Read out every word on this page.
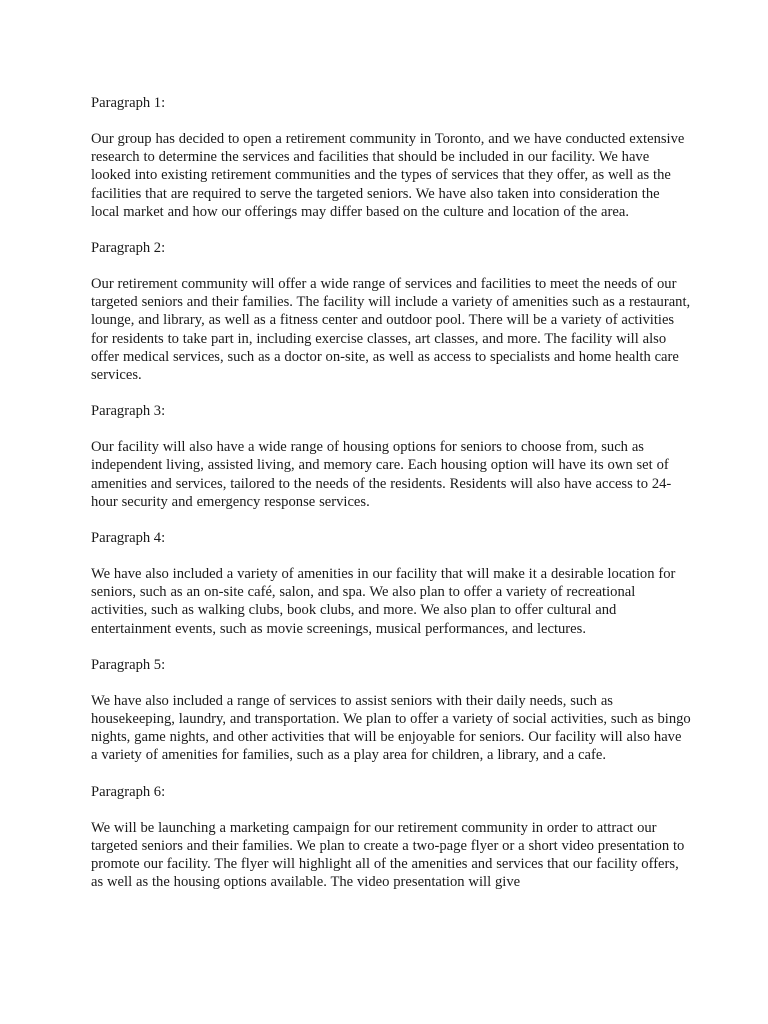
Paragraph 1:

Our group has decided to open a retirement community in Toronto, and we have conducted extensive research to determine the services and facilities that should be included in our facility. We have looked into existing retirement communities and the types of services that they offer, as well as the facilities that are required to serve the targeted seniors. We have also taken into consideration the local market and how our offerings may differ based on the culture and location of the area.

Paragraph 2:

Our retirement community will offer a wide range of services and facilities to meet the needs of our targeted seniors and their families. The facility will include a variety of amenities such as a restaurant, lounge, and library, as well as a fitness center and outdoor pool. There will be a variety of activities for residents to take part in, including exercise classes, art classes, and more. The facility will also offer medical services, such as a doctor on-site, as well as access to specialists and home health care services.

Paragraph 3:

Our facility will also have a wide range of housing options for seniors to choose from, such as independent living, assisted living, and memory care. Each housing option will have its own set of amenities and services, tailored to the needs of the residents. Residents will also have access to 24-hour security and emergency response services.

Paragraph 4:

We have also included a variety of amenities in our facility that will make it a desirable location for seniors, such as an on-site café, salon, and spa. We also plan to offer a variety of recreational activities, such as walking clubs, book clubs, and more. We also plan to offer cultural and entertainment events, such as movie screenings, musical performances, and lectures.

Paragraph 5:

We have also included a range of services to assist seniors with their daily needs, such as housekeeping, laundry, and transportation. We plan to offer a variety of social activities, such as bingo nights, game nights, and other activities that will be enjoyable for seniors. Our facility will also have a variety of amenities for families, such as a play area for children, a library, and a cafe.

Paragraph 6:

We will be launching a marketing campaign for our retirement community in order to attract our targeted seniors and their families. We plan to create a two-page flyer or a short video presentation to promote our facility. The flyer will highlight all of the amenities and services that our facility offers, as well as the housing options available. The video presentation will give
